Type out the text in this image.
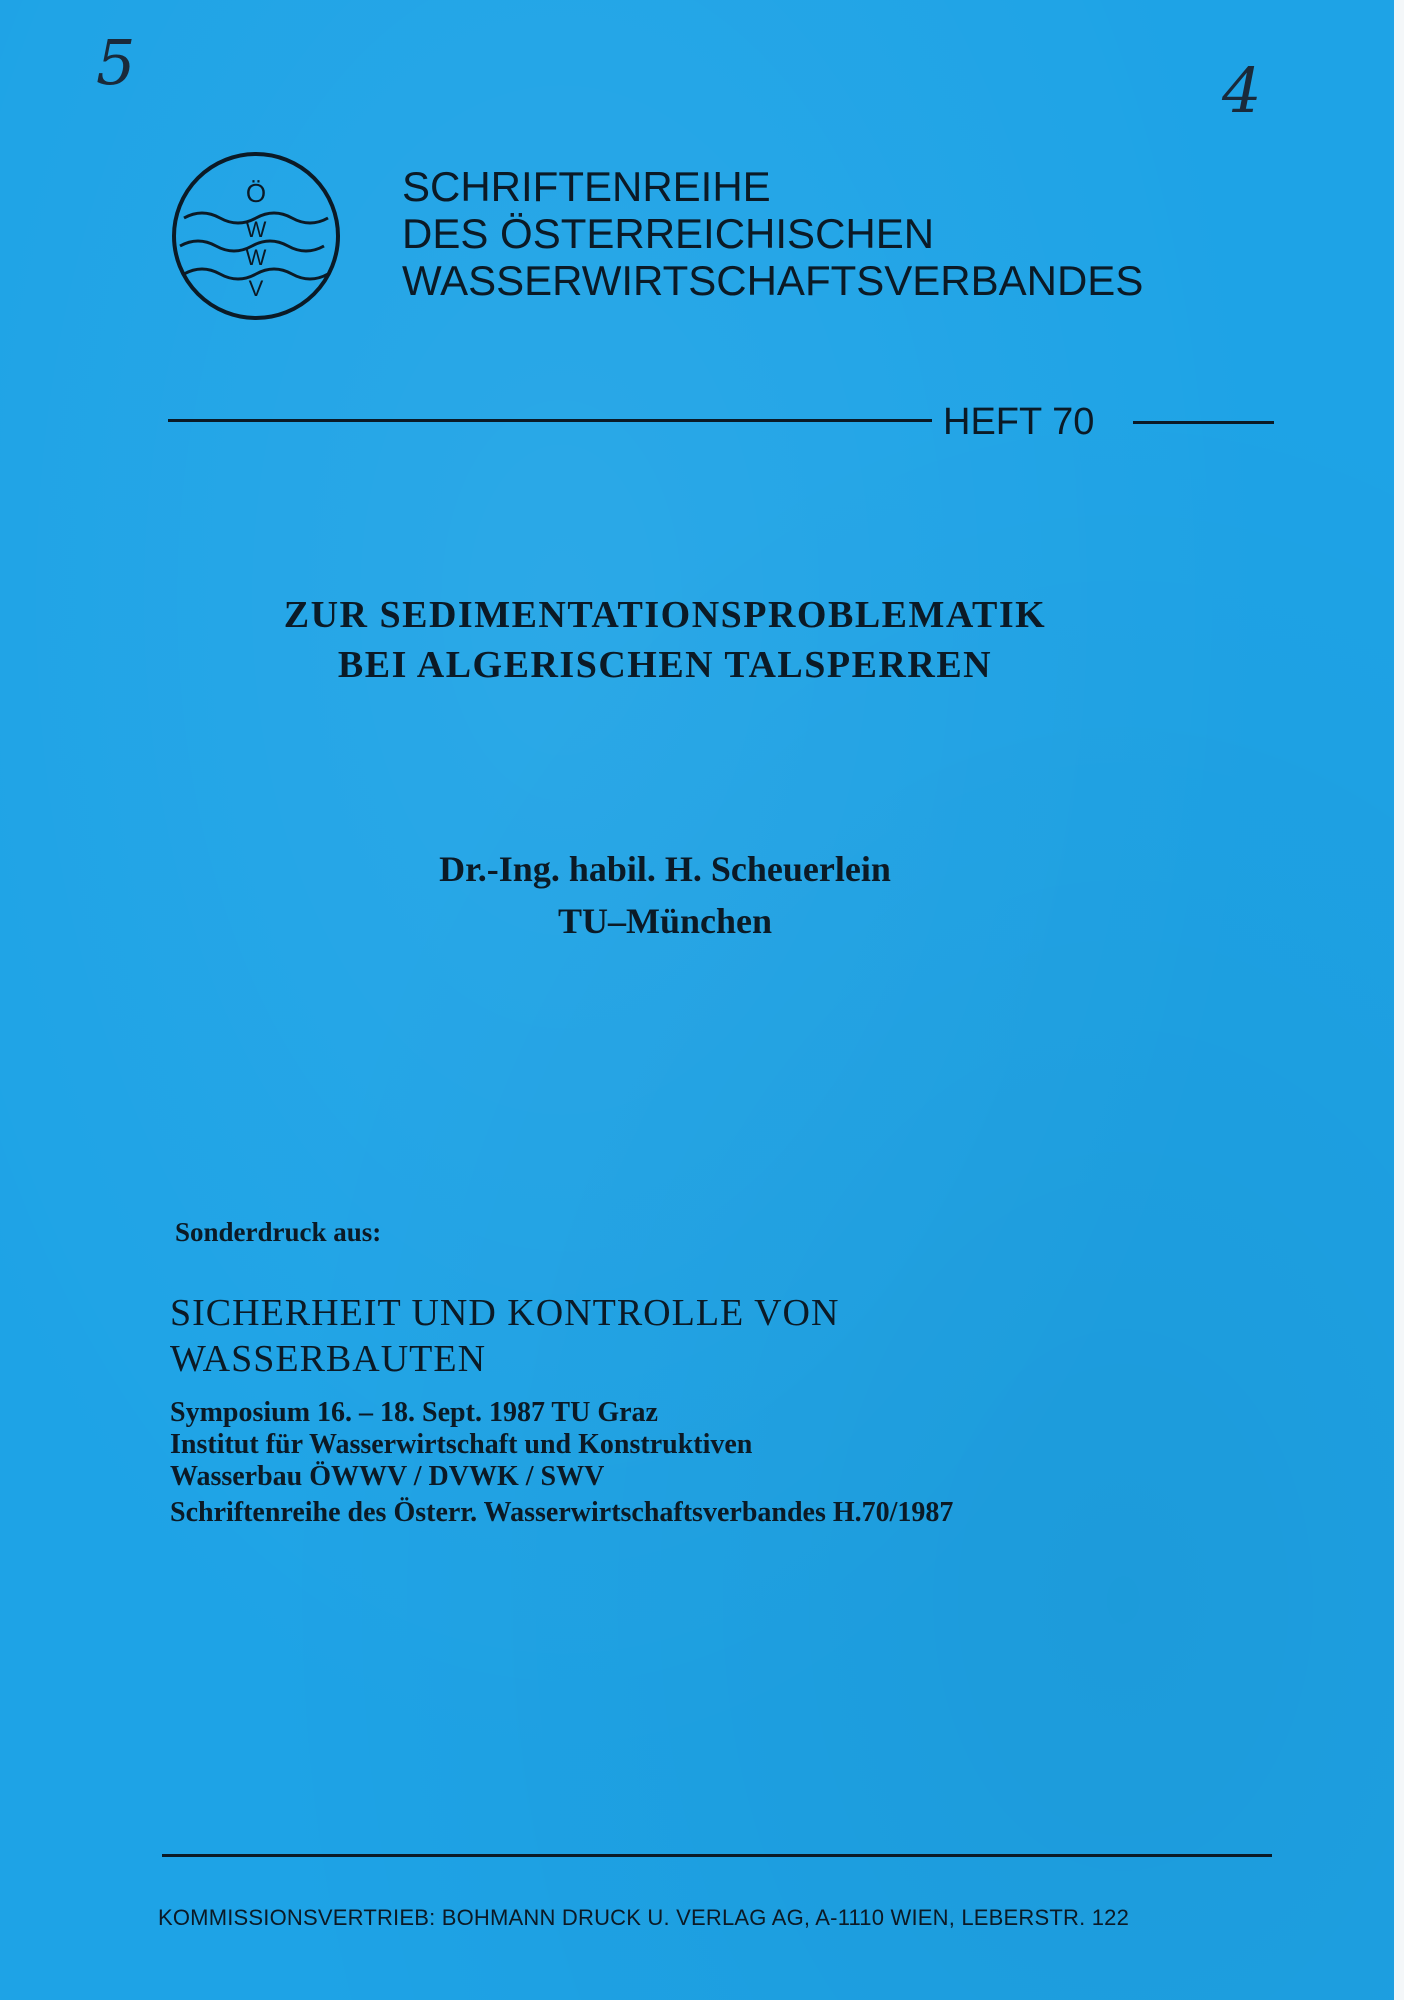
5	4
Ö
W
W
V
SCHRIFTENREIHE
DES ÖSTERREICHISCHEN
WASSERWIRTSCHAFTSVERBANDES
HEFT 70
ZUR SEDIMENTATIONSPROBLEMATIK
BEI ALGERISCHEN TALSPERREN
Dr.-Ing. habil. H. Scheuerlein
TU–München
Sonderdruck aus:
SICHERHEIT UND KONTROLLE VON
WASSERBAUTEN
Symposium 16. – 18. Sept. 1987 TU Graz
Institut für Wasserwirtschaft und Konstruktiven
Wasserbau ÖWWV / DVWK / SWV
Schriftenreihe des Österr. Wasserwirtschaftsverbandes H.70/1987
KOMMISSIONSVERTRIEB: BOHMANN DRUCK U. VERLAG AG, A-1110 WIEN, LEBERSTR. 122
